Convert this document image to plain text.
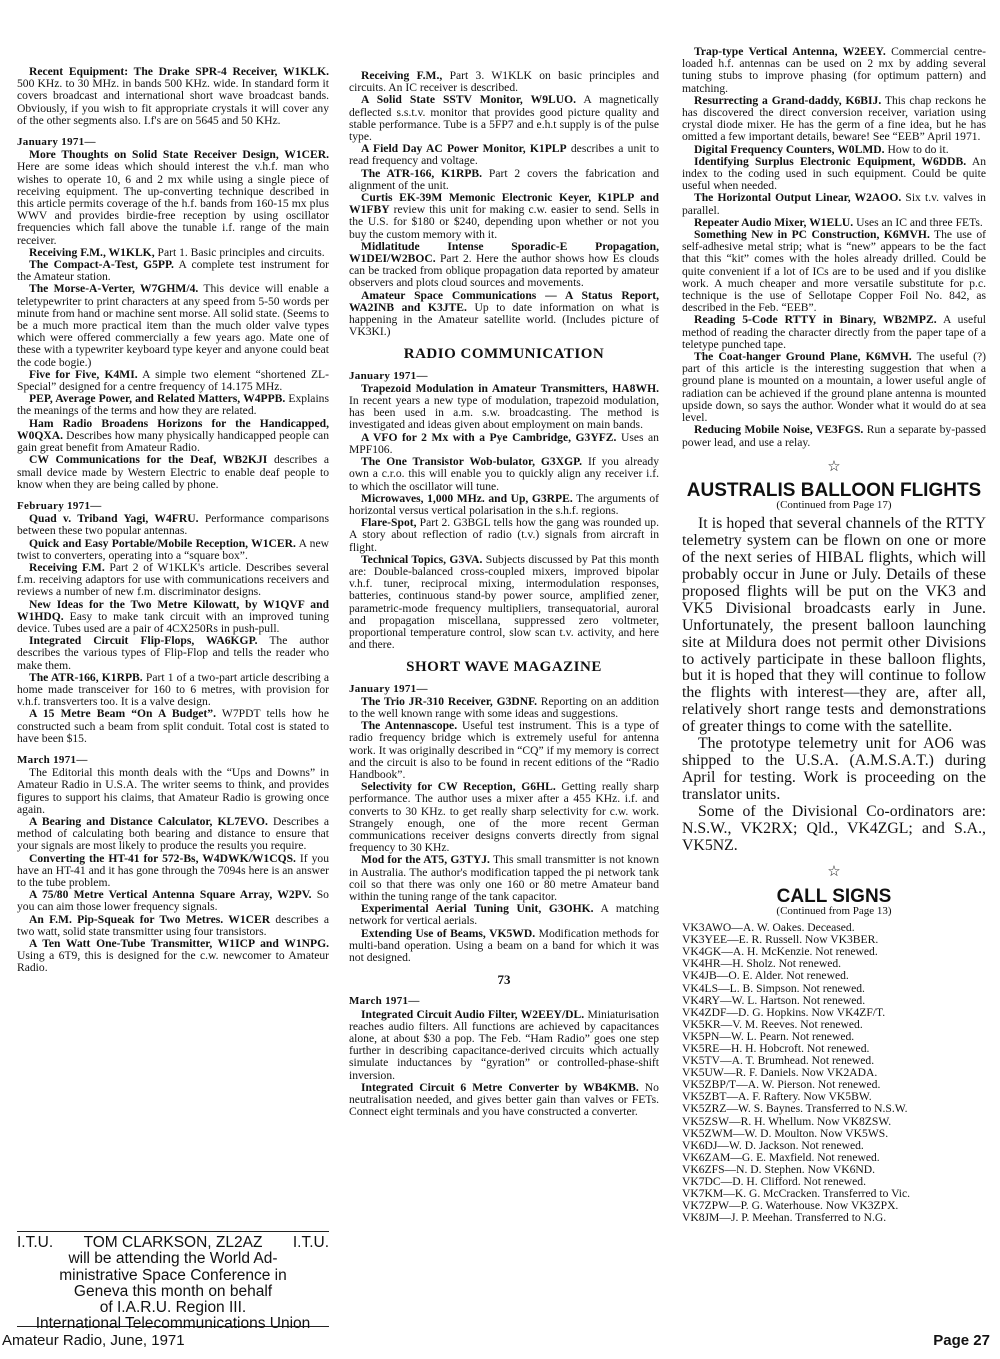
Recent Equipment: The Drake SPR-4 Receiver, W1KLK. 500 KHz. to 30 MHz. in bands 500 KHz. wide. In standard form it covers broadcast and international short wave broadcast bands. Obviously, if you wish to fit appropriate crystals it will cover any of the other segments also. I.f's are on 5645 and 50 KHz.

January 1971—

More Thoughts on Solid State Receiver Design, W1CER. Here are some ideas which should interest the v.h.f. man who wishes to operate 10, 6 and 2 mx while using a single piece of receiving equipment. The up-converting technique described in this article permits coverage of the h.f. bands from 160-15 mx plus WWV and provides birdie-free reception by using oscillator frequencies which fall above the tunable i.f. range of the main receiver.

Receiving F.M., W1KLK, Part 1. Basic principles and circuits.

The Compact-A-Test, G5PP. A complete test instrument for the Amateur station.

The Morse-A-Verter, W7GHM/4. This device will enable a teletypewriter to print characters at any speed from 5-50 words per minute from hand or machine sent morse. All solid state. (Seems to be a much more practical item than the much older valve types which were offered commercially a few years ago. Mate one of these with a typewriter keyboard type keyer and anyone could beat the code bogie.)

Five for Five, K4MI. A simple two element “shortened ZL-Special” designed for a centre frequency of 14.175 MHz.

PEP, Average Power, and Related Matters, W4PPB. Explains the meanings of the terms and how they are related.

Ham Radio Broadens Horizons for the Handicapped, W0QXA. Describes how many physically handicapped people can gain great benefit from Amateur Radio.

CW Communications for the Deaf, WB2KJI describes a small device made by Western Electric to enable deaf people to know when they are being called by phone.

February 1971—

Quad v. Triband Yagi, W4FRU. Performance comparisons between these two popular antennas.

Quick and Easy Portable/Mobile Reception, W1CER. A new twist to converters, operating into a “square box”.

Receiving F.M. Part 2 of W1KLK's article. Describes several f.m. receiving adaptors for use with communications receivers and reviews a number of new f.m. discriminator designs.

New Ideas for the Two Metre Kilowatt, by W1QVF and W1HDQ. Easy to make tank circuit with an improved tuning device. Tubes used are a pair of 4CX250Rs in push-pull.

Integrated Circuit Flip-Flops, WA6KGP. The author describes the various types of Flip-Flop and tells the reader who make them.

The ATR-166, K1RPB. Part 1 of a two-part article describing a home made transceiver for 160 to 6 metres, with provision for v.h.f. transverters too. It is a valve design.

A 15 Metre Beam “On A Budget”. W7PDT tells how he constructed such a beam from split conduit. Total cost is stated to have been $15.

March 1971—

The Editorial this month deals with the “Ups and Downs” in Amateur Radio in U.S.A. The writer seems to think, and provides figures to support his claims, that Amateur Radio is growing once again.

A Bearing and Distance Calculator, KL7EVO. Describes a method of calculating both bearing and distance to ensure that your signals are most likely to produce the results you require.

Converting the HT-41 for 572-Bs, W4DWK/W1CQS. If you have an HT-41 and it has gone through the 7094s here is an answer to the tube problem.

A 75/80 Metre Vertical Antenna Square Array, W2PV. So you can aim those lower frequency signals.

An F.M. Pip-Squeak for Two Metres. W1CER describes a two watt, solid state transmitter using four transistors.

A Ten Watt One-Tube Transmitter, W1ICP and W1NPG. Using a 6T9, this is designed for the c.w. newcomer to Amateur Radio.

Receiving F.M., Part 3. W1KLK on basic principles and circuits. An IC receiver is described.

A Solid State SSTV Monitor, W9LUO. A magnetically deflected s.s.t.v. monitor that provides good picture quality and stable performance. Tube is a 5FP7 and e.h.t supply is of the pulse type.

A Field Day AC Power Monitor, K1PLP describes a unit to read frequency and voltage.

The ATR-166, K1RPB. Part 2 covers the fabrication and alignment of the unit.

Curtis EK-39M Memonic Electronic Keyer, K1PLP and W1FBY review this unit for making c.w. easier to send. Sells in the U.S. for $180 or $240, depending upon whether or not you buy the custom memory with it.

Midlatitude Intense Sporadic-E Propagation, W1DEI/W2BOC. Part 2. Here the author shows how Es clouds can be tracked from oblique propagation data reported by amateur observers and plots cloud sources and movements.

Amateur Space Communications — A Status Report, WA2INB and K3JTE. Up to date information on what is happening in the Amateur satellite world. (Includes picture of VK3KI.)

RADIO COMMUNICATION
January 1971—

Trapezoid Modulation in Amateur Transmitters, HA8WH. In recent years a new type of modulation, trapezoid modulation, has been used in a.m. s.w. broadcasting. The method is investigated and ideas given about employment on main bands.

A VFO for 2 Mx with a Pye Cambridge, G3YFZ. Uses an MPF106.

The One Transistor Wob-bulator, G3XGP. If you already own a c.r.o. this will enable you to quickly align any receiver i.f. to which the oscillator will tune.

Microwaves, 1,000 MHz. and Up, G3RPE. The arguments of horizontal versus vertical polarisation in the s.h.f. regions.

Flare-Spot, Part 2. G3BGL tells how the gang was rounded up. A story about reflection of radio (t.v.) signals from aircraft in flight.

Technical Topics, G3VA. Subjects discussed by Pat this month are: Double-balanced cross-coupled mixers, improved bipolar v.h.f. tuner, reciprocal mixing, intermodulation responses, batteries, continuous stand-by power source, amplified zener, parametric-mode frequency multipliers, transequatorial, auroral and propagation miscellana, suppressed zero voltmeter, proportional temperature control, slow scan t.v. activity, and here and there.

SHORT WAVE MAGAZINE
January 1971—

The Trio JR-310 Receiver, G3DNF. Reporting on an addition to the well known range with some ideas and suggestions.

The Antennascope. Useful test instrument. This is a type of radio frequency bridge which is extremely useful for antenna work. It was originally described in “CQ” if my memory is correct and the circuit is also to be found in recent editions of the “Radio Handbook”.

Selectivity for CW Reception, G6HL. Getting really sharp performance. The author uses a mixer after a 455 KHz. i.f. and converts to 30 KHz. to get really sharp selectivity for c.w. work. Strangely enough, one of the more recent German communications receiver designs converts directly from signal frequency to 30 KHz.

Mod for the AT5, G3TYJ. This small transmitter is not known in Australia. The author's modification tapped the pi network tank coil so that there was only one 160 or 80 metre Amateur band within the tuning range of the tank capacitor.

Experimental Aerial Tuning Unit, G3OHK. A matching network for vertical aerials.

Extending Use of Beams, VK5WD. Modification methods for multi-band operation. Using a beam on a band for which it was not designed.

73
March 1971—

Integrated Circuit Audio Filter, W2EEY/DL. Miniaturisation reaches audio filters. All functions are achieved by capacitances alone, at about $30 a pop. The Feb. “Ham Radio” goes one step further in describing capacitance-derived circuits which actually simulate inductances by “gyration” or controlled-phase-shift inversion.

Integrated Circuit 6 Metre Converter by WB4KMB. No neutralisation needed, and gives better gain than valves or FETs. Connect eight terminals and you have constructed a converter.

Trap-type Vertical Antenna, W2EEY. Commercial centre-loaded h.f. antennas can be used on 2 mx by adding several tuning stubs to improve phasing (for optimum pattern) and matching.

Resurrecting a Grand-daddy, K6BIJ. This chap reckons he has discovered the direct conversion receiver, variation using crystal diode mixer. He has the germ of a fine idea, but he has omitted a few important details, beware! See “EEB” April 1971.

Digital Frequency Counters, W0LMD. How to do it.

Identifying Surplus Electronic Equipment, W6DDB. An index to the coding used in such equipment. Could be quite useful when needed.

The Horizontal Output Linear, W2AOO. Six t.v. valves in parallel.

Repeater Audio Mixer, W1ELU. Uses an IC and three FETs.

Something New in PC Construction, K6MVH. The use of self-adhesive metal strip; what is “new” appears to be the fact that this “kit” comes with the holes already drilled. Could be quite convenient if a lot of ICs are to be used and if you dislike work. A much cheaper and more versatile substitute for p.c. technique is the use of Sellotape Copper Foil No. 842, as described in the Feb. “EEB”.

Reading 5-Code RTTY in Binary, WB2MPZ. A useful method of reading the character directly from the paper tape of a teletype punched tape.

The Coat-hanger Ground Plane, K6MVH. The useful (?) part of this article is the interesting suggestion that when a ground plane is mounted on a mountain, a lower useful angle of radiation can be achieved if the ground plane antenna is mounted upside down, so says the author. Wonder what it would do at sea level.

Reducing Mobile Noise, VE3FGS. Run a separate by-passed power lead, and use a relay.

☆
AUSTRALIS BALLOON FLIGHTS
(Continued from Page 17)

It is hoped that several channels of the RTTY telemetry system can be flown on one or more of the next series of HIBAL flights, which will probably occur in June or July. Details of these proposed flights will be put on the VK3 and VK5 Divisional broadcasts early in June. Unfortunately, the present balloon launching site at Mildura does not permit other Divisions to actively participate in these balloon flights, but it is hoped that they will continue to follow the flights with interest—they are, after all, relatively short range tests and demonstrations of greater things to come with the satellite.

The prototype telemetry unit for AO6 was shipped to the U.S.A. (A.M.S.A.T.) during April for testing. Work is proceeding on the translator units.

Some of the Divisional Co-ordinators are: N.S.W., VK2RX; Qld., VK4ZGL; and S.A., VK5NZ.

☆
CALL SIGNS
(Continued from Page 13)
VK3AWO—A. W. Oakes. Deceased.
VK3YEE—E. R. Russell. Now VK3BER.
VK4GK—A. H. McKenzie. Not renewed.
VK4HR—H. Sholz. Not renewed.
VK4JB—O. E. Alder. Not renewed.
VK4LS—L. B. Simpson. Not renewed.
VK4RY—W. L. Hartson. Not renewed.
VK4ZDF—D. G. Hopkins. Now VK4ZF/T.
VK5KR—V. M. Reeves. Not renewed.
VK5PN—W. L. Pearn. Not renewed.
VK5RE—H. H. Hobcroft. Not renewed.
VK5TV—A. T. Brumhead. Not renewed.
VK5UW—R. F. Daniels. Now VK2ADA.
VK5ZBP/T—A. W. Pierson. Not renewed.
VK5ZBT—A. F. Raftery. Now VK5BW.
VK5ZRZ—W. S. Baynes. Transferred to N.S.W.
VK5ZSW—R. H. Whellum. Now VK8ZSW.
VK5ZWM—W. D. Moulton. Now VK5WS.
VK6DJ—W. D. Jackson. Not renewed.
VK6ZAM—G. E. Maxfield. Not renewed.
VK6ZFS—N. D. Stephen. Now VK6ND.
VK7DC—D. H. Clifford. Not renewed.
VK7KM—K. G. McCracken. Transferred to Vic.
VK7ZPW—P. G. Waterhouse. Now VK3ZPX.
VK8JM—J. P. Meehan. Transferred to N.G.
I.T.U. TOM CLARKSON, ZL2AZ I.T.U.
will be attending the World Ad-
ministrative Space Conference in
Geneva this month on behalf
of I.A.R.U. Region III.
International Telecommunications Union
Amateur Radio, June, 1971	Page 27
